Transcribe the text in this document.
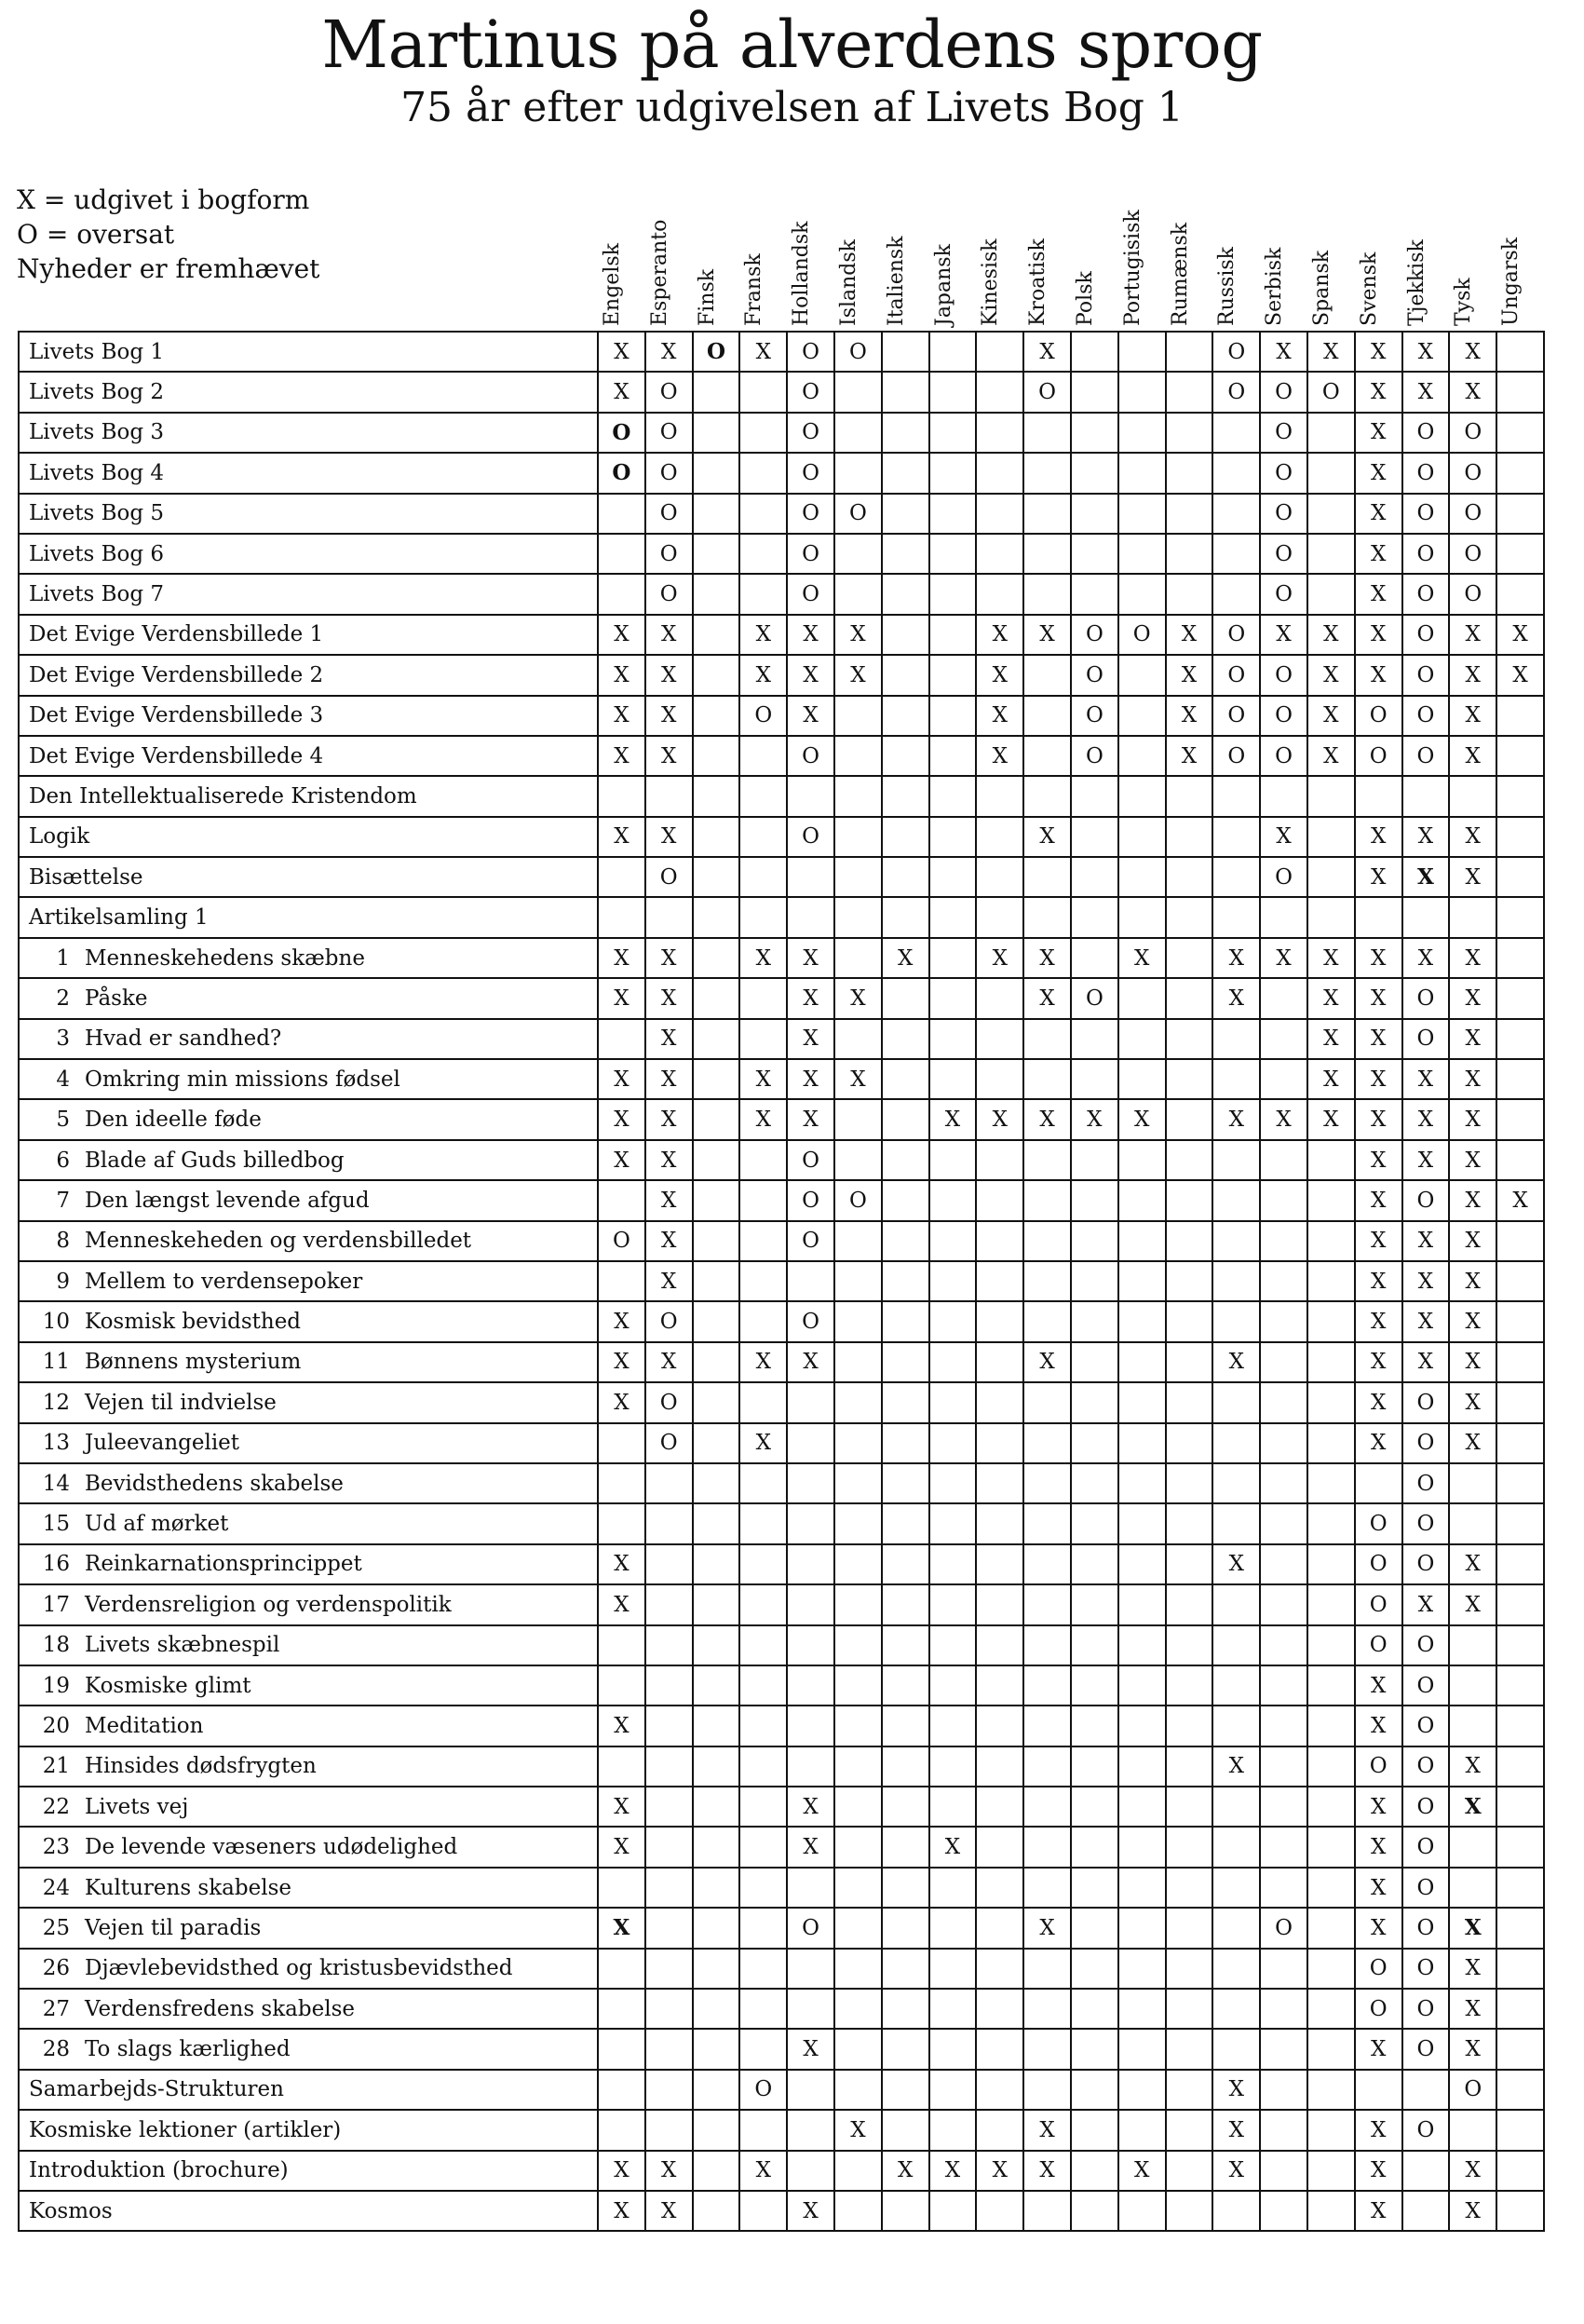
Martinus på alverdens sprog
75 år efter udgivelsen af Livets Bog 1
X = udgivet i bogform
O = oversat
Nyheder er fremhævet	Engelsk	Esperanto	Finsk	Fransk	Hollandsk	Islandsk	Italiensk	Japansk	Kinesisk	Kroatisk	Polsk	Portugisisk	Rumænsk	Russisk	Serbisk	Spansk	Svensk	Tjekkisk	Tysk	Ungarsk
Livets Bog 1	X	X	O	X	O	O				X				O	X	X	X	X	X	
Livets Bog 2	X	O			O					O				O	O	O	X	X	X	
Livets Bog 3	O	O			O										O		X	O	O	
Livets Bog 4	O	O			O										O		X	O	O	
Livets Bog 5		O			O	O									O		X	O	O	
Livets Bog 6		O			O										O		X	O	O	
Livets Bog 7		O			O										O		X	O	O	
Det Evige Verdensbillede 1	X	X		X	X	X			X	X	O	O	X	O	X	X	X	O	X	X
Det Evige Verdensbillede 2	X	X		X	X	X			X		O		X	O	O	X	X	O	X	X
Det Evige Verdensbillede 3	X	X		O	X				X		O		X	O	O	X	O	O	X	
Det Evige Verdensbillede 4	X	X			O				X		O		X	O	O	X	O	O	X	
Den Intellektualiserede Kristendom																				
Logik	X	X			O					X					X		X	X	X	
Bisættelse		O													O		X	X	X	
Artikelsamling 1																				
1 Menneskehedens skæbne	X	X		X	X		X		X	X		X		X	X	X	X	X	X	
2 Påske	X	X			X	X				X	O			X		X	X	O	X	
3 Hvad er sandhed?		X			X											X	X	O	X	
4 Omkring min missions fødsel	X	X		X	X	X										X	X	X	X	
5 Den ideelle føde	X	X		X	X			X	X	X	X	X		X	X	X	X	X	X	
6 Blade af Guds billedbog	X	X			O												X	X	X	
7 Den længst levende afgud		X			O	O											X	O	X	X
8 Menneskeheden og verdensbilledet	O	X			O												X	X	X	
9 Mellem to verdensepoker		X															X	X	X	
10 Kosmisk bevidsthed	X	O			O												X	X	X	
11 Bønnens mysterium	X	X		X	X					X				X			X	X	X	
12 Vejen til indvielse	X	O															X	O	X	
13 Juleevangeliet		O		X													X	O	X	
14 Bevidsthedens skabelse																		O		
15 Ud af mørket																	O	O		
16 Reinkarnationsprincippet	X													X			O	O	X	
17 Verdensreligion og verdenspolitik	X																O	X	X	
18 Livets skæbnespil																	O	O		
19 Kosmiske glimt																	X	O		
20 Meditation	X																X	O		
21 Hinsides dødsfrygten														X			O	O	X	
22 Livets vej	X				X												X	O	X	
23 De levende væseners udødelighed	X				X			X									X	O		
24 Kulturens skabelse																	X	O		
25 Vejen til paradis	X				O					X					O		X	O	X	
26 Djævlebevidsthed og kristusbevidsthed																	O	O	X	
27 Verdensfredens skabelse																	O	O	X	
28 To slags kærlighed					X												X	O	X	
Samarbejds-Strukturen				O										X					O	
Kosmiske lektioner (artikler)						X				X				X			X	O		
Introduktion (brochure)	X	X		X			X	X	X	X		X		X			X		X	
Kosmos	X	X			X												X		X	
